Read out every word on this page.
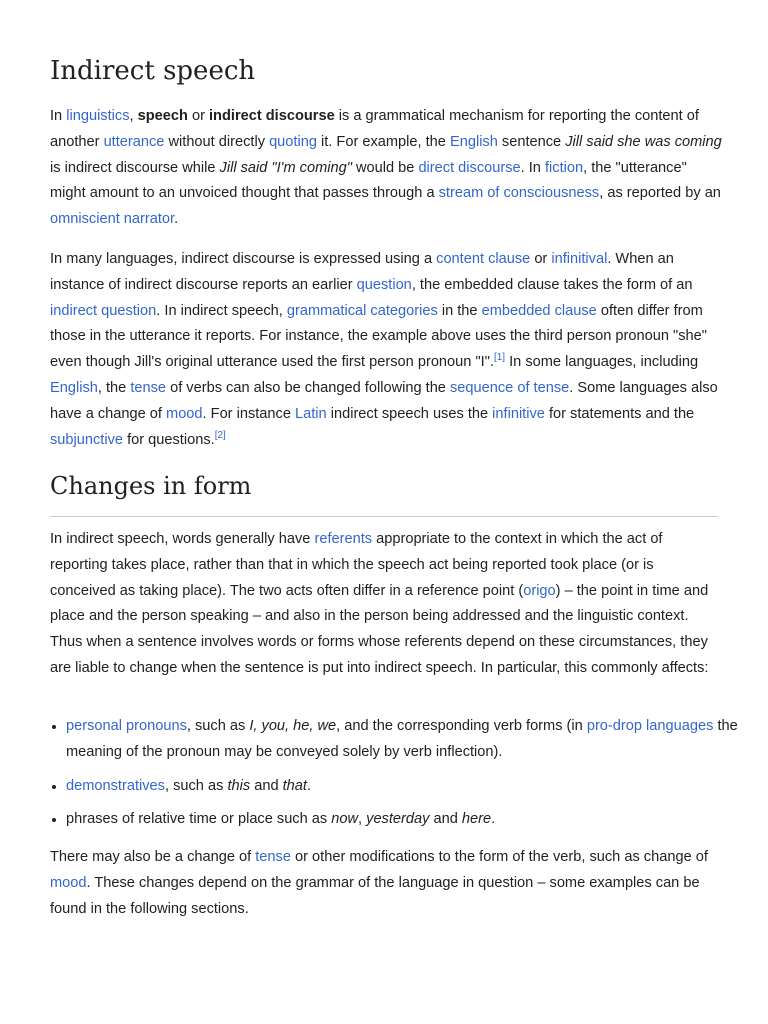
Indirect speech

In linguistics, speech or indirect discourse is a grammatical mechanism for reporting the content of another utterance without directly quoting it. For example, the English sentence Jill said she was coming is indirect discourse while Jill said "I'm coming" would be direct discourse. In fiction, the "utterance" might amount to an unvoiced thought that passes through a stream of consciousness, as reported by an omniscient narrator.

In many languages, indirect discourse is expressed using a content clause or infinitival. When an instance of indirect discourse reports an earlier question, the embedded clause takes the form of an indirect question. In indirect speech, grammatical categories in the embedded clause often differ from those in the utterance it reports. For instance, the example above uses the third person pronoun "she" even though Jill's original utterance used the first person pronoun "I".[1] In some languages, including English, the tense of verbs can also be changed following the sequence of tense. Some languages also have a change of mood. For instance Latin indirect speech uses the infinitive for statements and the subjunctive for questions.[2]

Changes in form

In indirect speech, words generally have referents appropriate to the context in which the act of reporting takes place, rather than that in which the speech act being reported took place (or is conceived as taking place). The two acts often differ in a reference point (origo) – the point in time and place and the person speaking – and also in the person being addressed and the linguistic context. Thus when a sentence involves words or forms whose referents depend on these circumstances, they are liable to change when the sentence is put into indirect speech. In particular, this commonly affects:

• personal pronouns, such as I, you, he, we, and the corresponding verb forms (in pro-drop languages the meaning of the pronoun may be conveyed solely by verb inflection).
• demonstratives, such as this and that.
• phrases of relative time or place such as now, yesterday and here.

There may also be a change of tense or other modifications to the form of the verb, such as change of mood. These changes depend on the grammar of the language in question – some examples can be found in the following sections.
